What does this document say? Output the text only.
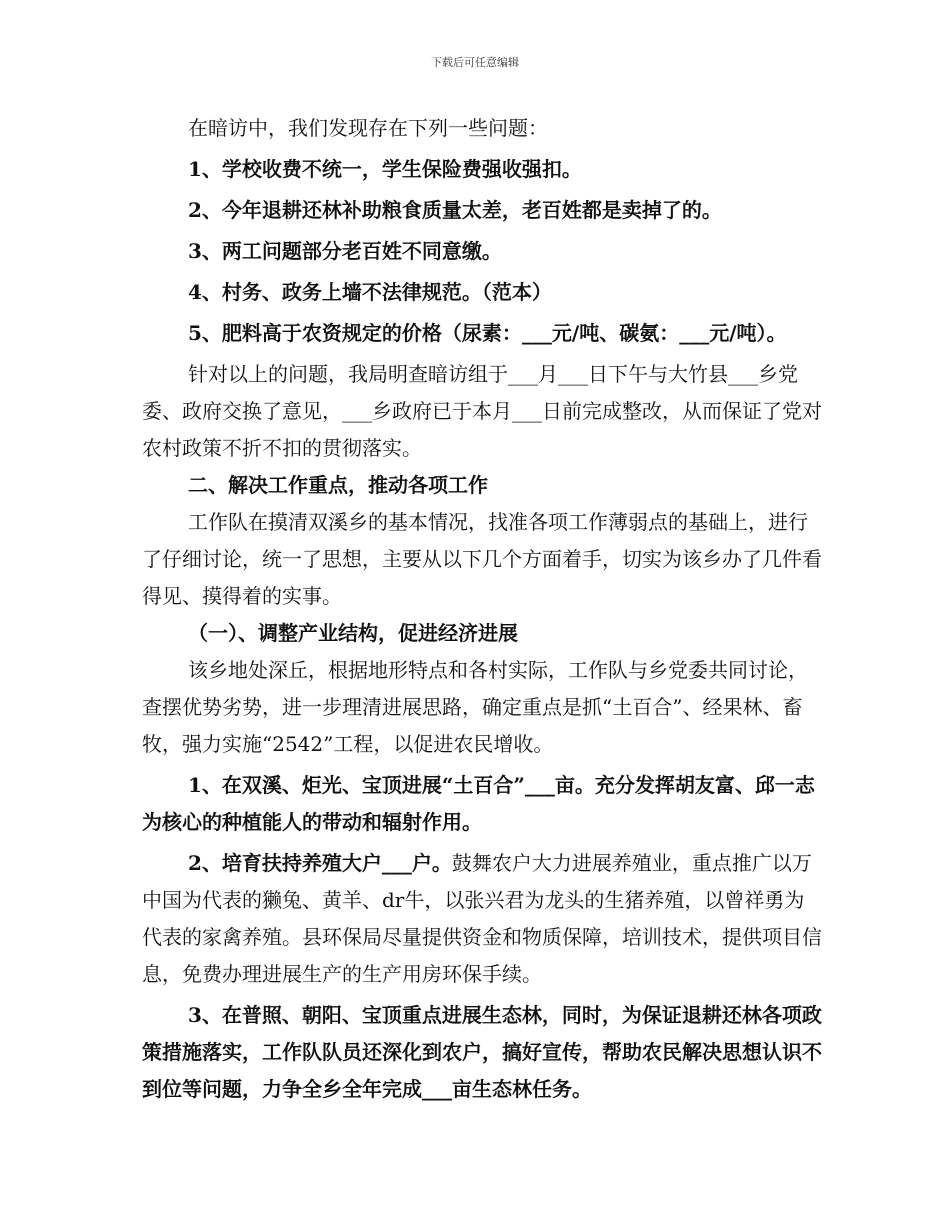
下载后可任意编辑

在暗访中，我们发现存在下列一些问题：

1、学校收费不统一，学生保险费强收强扣。

2、今年退耕还林补助粮食质量太差，老百姓都是卖掉了的。

3、两工问题部分老百姓不同意缴。

4、村务、政务上墙不法律规范。（范本）

5、肥料高于农资规定的价格（尿素：___元/吨、碳氨：___元/吨）。

针对以上的问题，我局明查暗访组于___月___日下午与大竹县___乡党委、政府交换了意见，___乡政府已于本月___日前完成整改，从而保证了党对农村政策不折不扣的贯彻落实。

二、解决工作重点，推动各项工作

工作队在摸清双溪乡的基本情况，找准各项工作薄弱点的基础上，进行了仔细讨论，统一了思想，主要从以下几个方面着手，切实为该乡办了几件看得见、摸得着的实事。

（一）、调整产业结构，促进经济进展

该乡地处深丘，根据地形特点和各村实际，工作队与乡党委共同讨论，查摆优势劣势，进一步理清进展思路，确定重点是抓“土百合”、经果林、畜牧，强力实施“2542”工程，以促进农民增收。

1、在双溪、炬光、宝顶进展“土百合”___亩。充分发挥胡友富、邱一志为核心的种植能人的带动和辐射作用。

2、培育扶持养殖大户___户。鼓舞农户大力进展养殖业，重点推广以万中国为代表的獭兔、黄羊、dr牛，以张兴君为龙头的生猪养殖，以曾祥勇为代表的家禽养殖。县环保局尽量提供资金和物质保障，培训技术，提供项目信息，免费办理进展生产的生产用房环保手续。

3、在普照、朝阳、宝顶重点进展生态林，同时，为保证退耕还林各项政策措施落实，工作队队员还深化到农户，搞好宣传，帮助农民解决思想认识不到位等问题，力争全乡全年完成___亩生态林任务。
